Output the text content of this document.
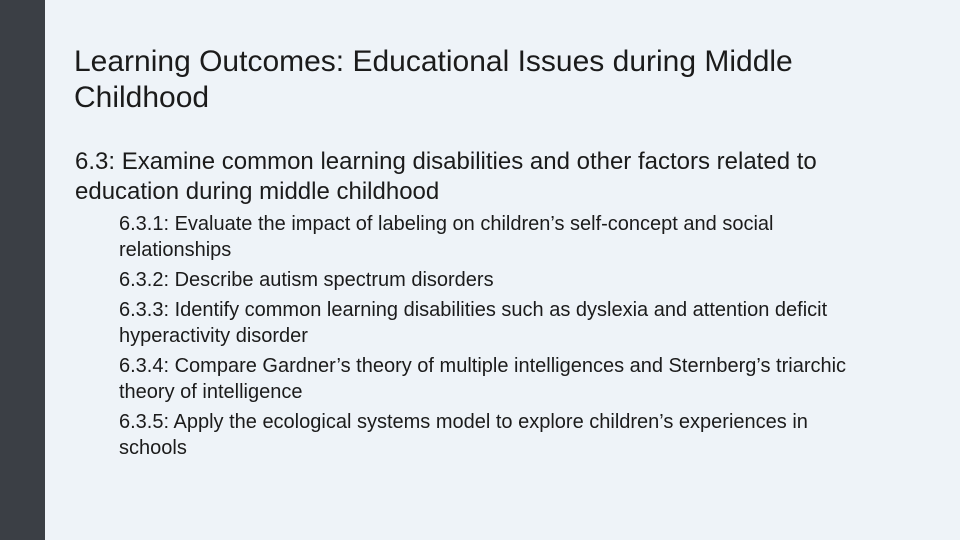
Learning Outcomes: Educational Issues during Middle Childhood

6.3: Examine common learning disabilities and other factors related to education during middle childhood

6.3.1: Evaluate the impact of labeling on children’s self-concept and social relationships
6.3.2: Describe autism spectrum disorders
6.3.3: Identify common learning disabilities such as dyslexia and attention deficit hyperactivity disorder
6.3.4: Compare Gardner’s theory of multiple intelligences and Sternberg’s triarchic theory of intelligence
6.3.5: Apply the ecological systems model to explore children’s experiences in schools
